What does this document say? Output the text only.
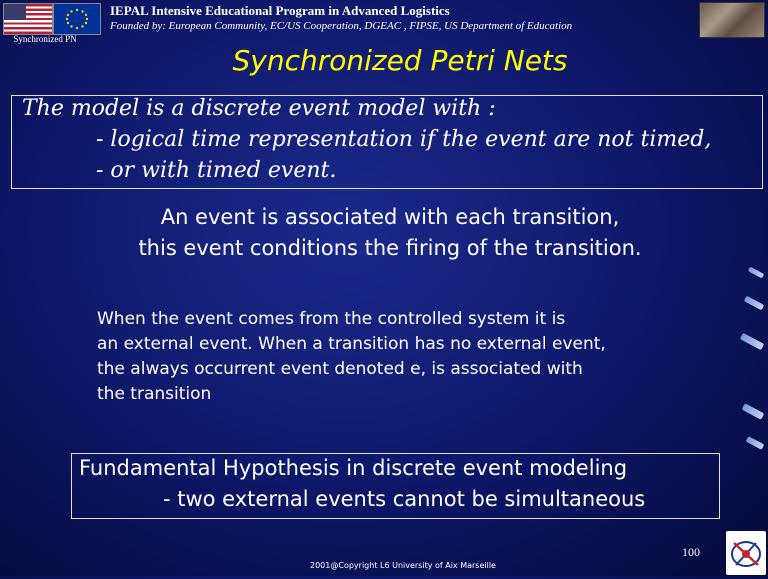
Synchronized PN
IEPAL Intensive Educational Program in Advanced Logistics
Founded by: European Community, EC/US Cooperation, DGEAC , FIPSE, US Department of Education
Synchronized Petri Nets
The model is a discrete event model with :
- logical time representation if the event are not timed,
- or with timed event.
An event is associated with each transition,
this event conditions the firing of the transition.
When the event comes from the controlled system it is
an external event. When a transition has no external event,
the always occurrent event denoted e, is associated with
the transition
Fundamental Hypothesis in discrete event modeling
- two external events cannot be simultaneous
100
2001@Copyright L6 University of Aix Marseille
